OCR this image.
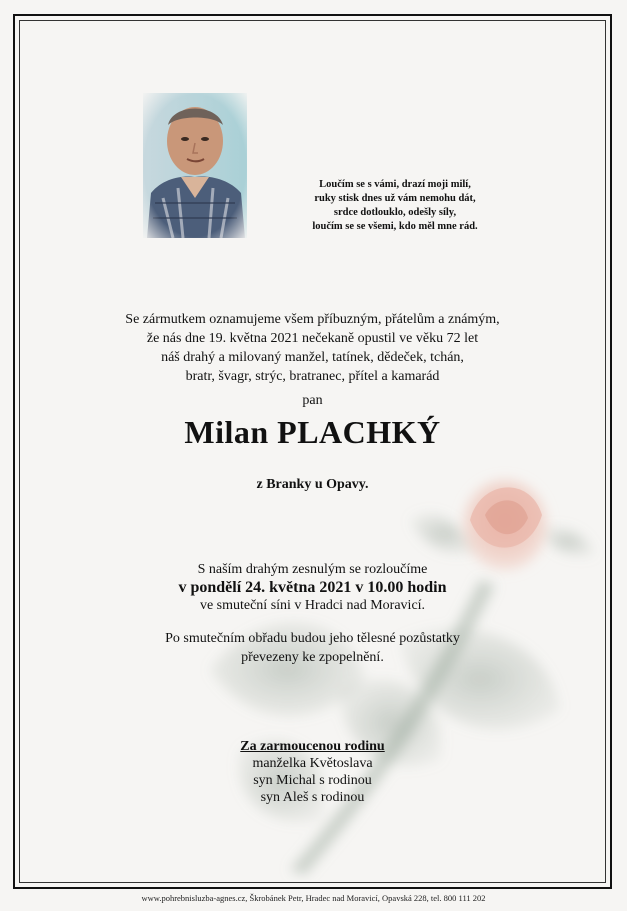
Loučím se s vámi, drazí moji milí,
ruky stisk dnes už vám nemohu dát,
srdce dotlouklo, odešly síly,
loučím se se všemi, kdo měl mne rád.
Se zármutkem oznamujeme všem příbuzným, přátelům a známým,
že nás dne 19. května 2021 nečekaně opustil ve věku 72 let
náš drahý a milovaný manžel, tatínek, dědeček, tchán,
bratr, švagr, strýc, bratranec, přítel a kamarád
pan
Milan PLACHKÝ
z Branky u Opavy.
S naším drahým zesnulým se rozloučíme
v pondělí 24. května 2021 v 10.00 hodin
ve smuteční síni v Hradci nad Moravicí.
Po smutečním obřadu budou jeho tělesné pozůstatky
převezeny ke zpopelnění.
Za zarmoucenou rodinu
manželka Květoslava
syn Michal s rodinou
syn Aleš s rodinou
www.pohrebnisluzba-agnes.cz, Škrobánek Petr, Hradec nad Moravicí, Opavská 228, tel. 800 111 202
